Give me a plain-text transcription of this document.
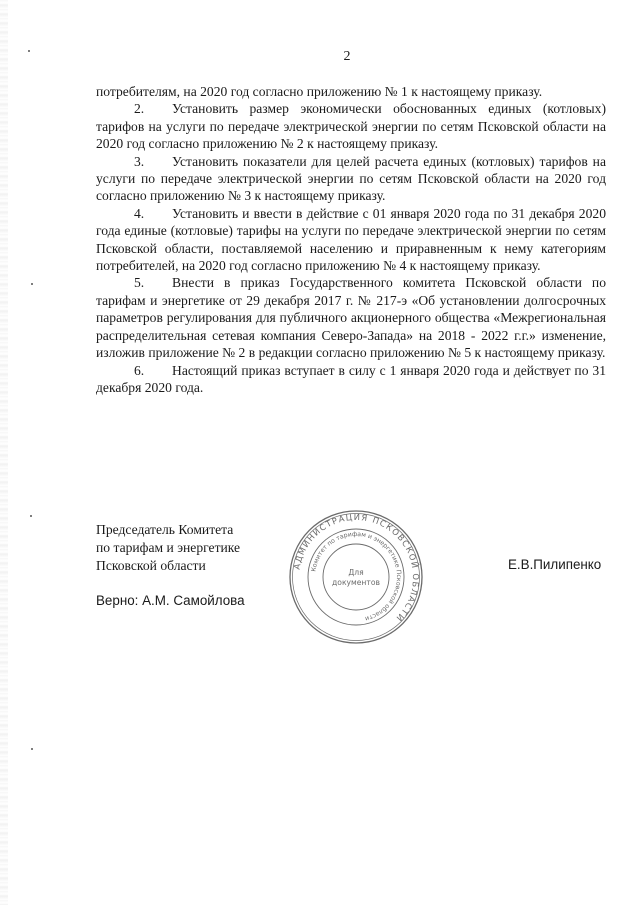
2

потребителям, на 2020 год согласно приложению № 1 к настоящему приказу.

2. Установить размер экономически обоснованных единых (котловых) тарифов на услуги по передаче электрической энергии по сетям Псковской области на 2020 год согласно приложению № 2 к настоящему приказу.

3. Установить показатели для целей расчета единых (котловых) тарифов на услуги по передаче электрической энергии по сетям Псковской области на 2020 год согласно приложению № 3 к настоящему приказу.

4. Установить и ввести в действие с 01 января 2020 года по 31 декабря 2020 года единые (котловые) тарифы на услуги по передаче электрической энергии по сетям Псковской области, поставляемой населению и приравненным к нему категориям потребителей, на 2020 год согласно приложению № 4 к настоящему приказу.

5. Внести в приказ Государственного комитета Псковской области по тарифам и энергетике от 29 декабря 2017 г. № 217-э «Об установлении долгосрочных параметров регулирования для публичного акционерного общества «Межрегиональная распределительная сетевая компания Северо-Запада» на 2018 - 2022 г.г.» изменение, изложив приложение № 2 в редакции согласно приложению № 5 к настоящему приказу.

6. Настоящий приказ вступает в силу с 1 января 2020 года и действует по 31 декабря 2020 года.

Председатель Комитета
по тарифам и энергетике
Псковской области
Верно: А.М. Самойлова
Е.В.Пилипенко
АДМИНИСТРАЦИЯ ПСКОВСКОЙ ОБЛАСТИ
Комитет по тарифам и энергетике Псковской области
Для
документов
